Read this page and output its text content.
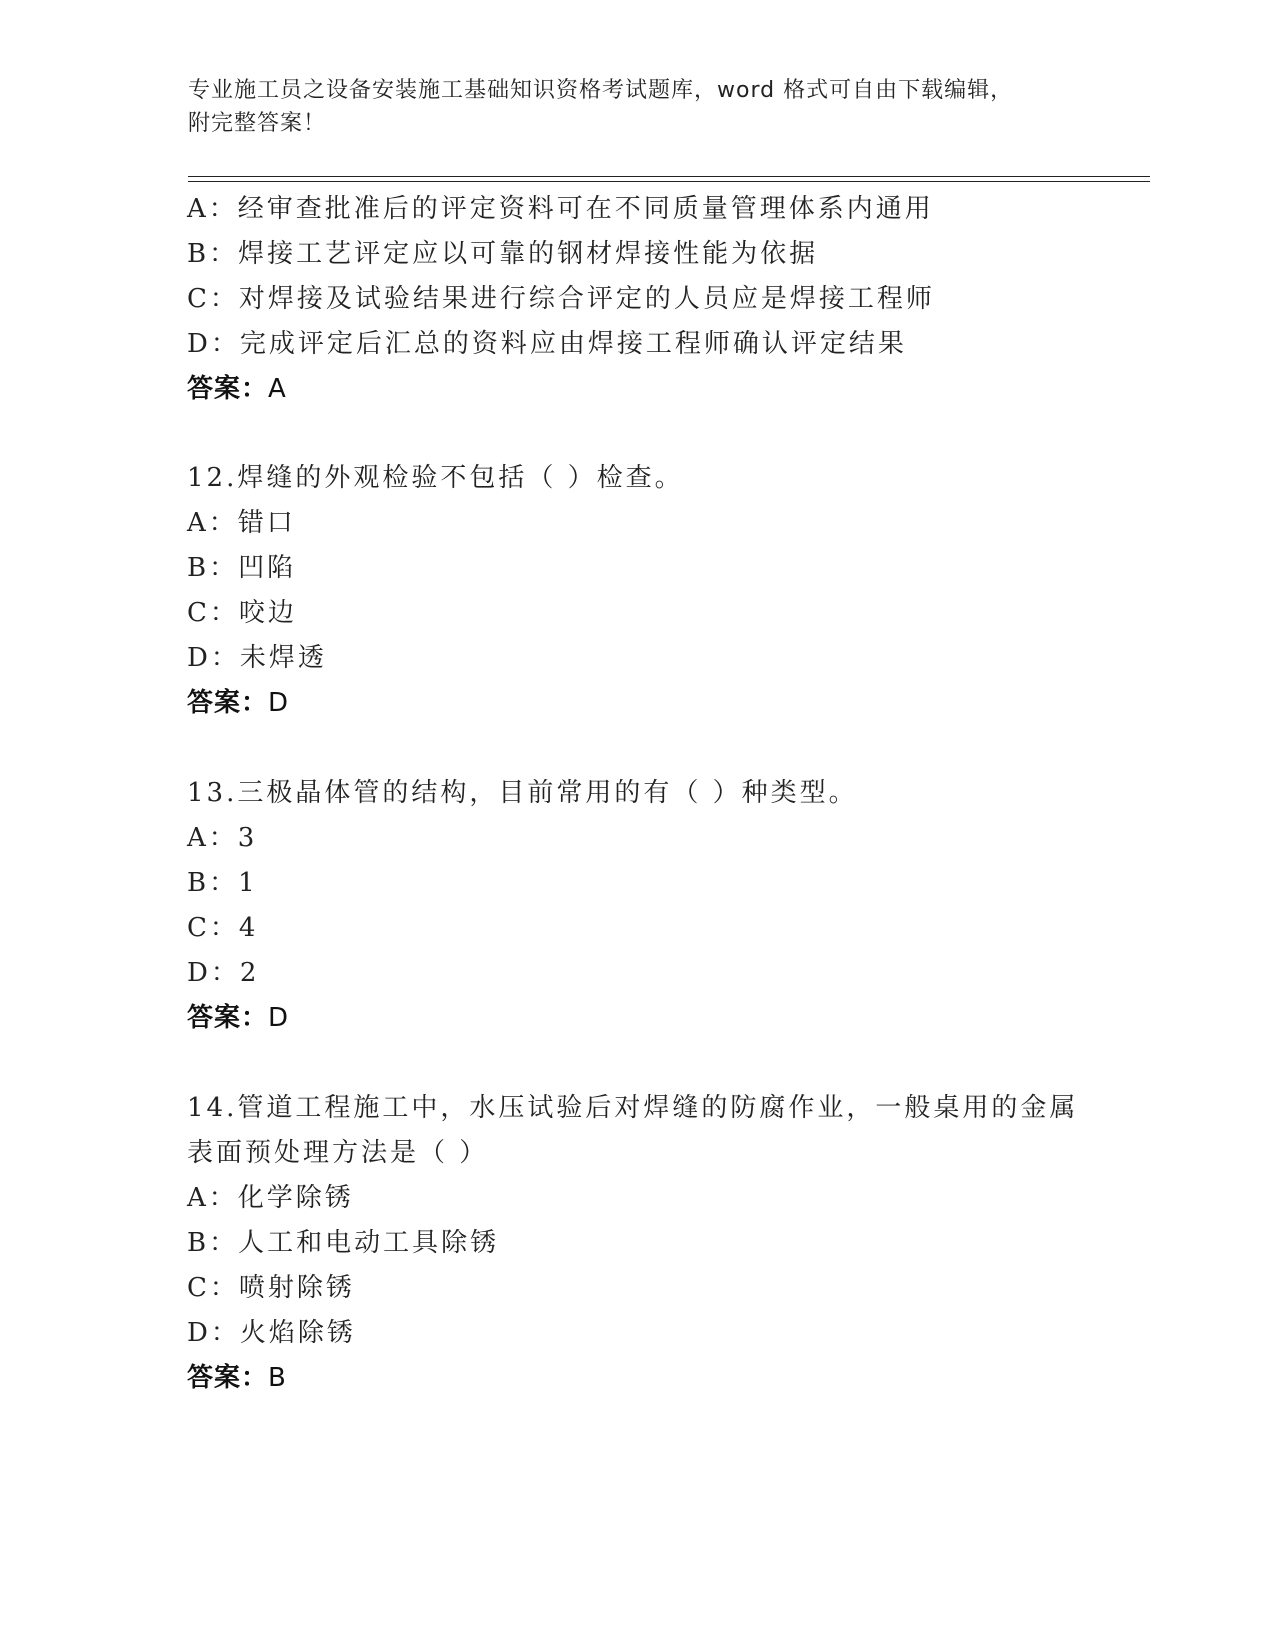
专业施工员之设备安装施工基础知识资格考试题库，word 格式可自由下载编辑，
附完整答案！
A：经审查批准后的评定资料可在不同质量管理体系内通用
B：焊接工艺评定应以可靠的钢材焊接性能为依据
C：对焊接及试验结果进行综合评定的人员应是焊接工程师
D：完成评定后汇总的资料应由焊接工程师确认评定结果
答案：A
12.焊缝的外观检验不包括（ ）检查。
A：错口
B：凹陷
C：咬边
D：未焊透
答案：D
13.三极晶体管的结构，目前常用的有（ ）种类型。
A：3
B：1
C：4
D：2
答案：D
14.管道工程施工中，水压试验后对焊缝的防腐作业，一般桌用的金属
表面预处理方法是（ ）
A：化学除锈
B：人工和电动工具除锈
C：喷射除锈
D：火焰除锈
答案：B
